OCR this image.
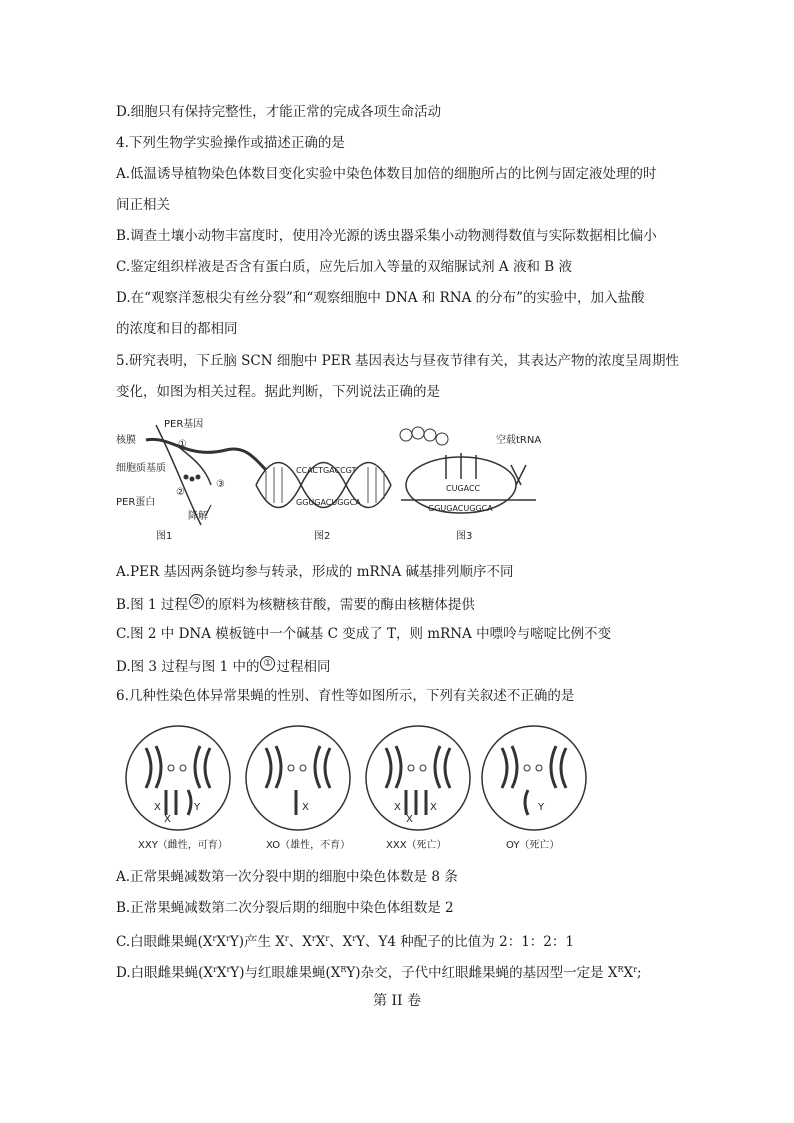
D.细胞只有保持完整性，才能正常的完成各项生命活动
4.下列生物学实验操作或描述正确的是
A.低温诱导植物染色体数目变化实验中染色体数目加倍的细胞所占的比例与固定液处理的时
间正相关
B.调查土壤小动物丰富度时，使用冷光源的诱虫器采集小动物测得数值与实际数据相比偏小
C.鉴定组织样液是否含有蛋白质，应先后加入等量的双缩脲试剂 A 液和 B 液
D.在“观察洋葱根尖有丝分裂”和“观察细胞中 DNA 和 RNA 的分布”的实验中，加入盐酸
的浓度和目的都相同
5.研究表明，下丘脑 SCN 细胞中 PER 基因表达与昼夜节律有关，其表达产物的浓度呈周期性
变化，如图为相关过程。据此判断，下列说法正确的是
PER基因
核膜
细胞质基质
PER蛋白
降解
①
②
③
图1
CCACTGACCGT
GGUGACUGGCA
图2
空载tRNA
CUGACC
GGUGACUGGCA
图3
A.PER 基因两条链均参与转录，形成的 mRNA 碱基排列顺序不同
B.图 1 过程 ② 的原料为核糖核苷酸，需要的酶由核糖体提供
C.图 2 中 DNA 模板链中一个碱基 C 变成了 T，则 mRNA 中嘌呤与嘧啶比例不变
D.图 3 过程与图 1 中的 ① 过程相同
6.几种性染色体异常果蝇的性别、育性等如图所示，下列有关叙述不正确的是
X
X
Y
XXY（雌性，可育）
X
XO（雄性，不育）
X
X
X
XXX（死亡）
Y
OY（死亡）
A.正常果蝇减数第一次分裂中期的细胞中染色体数是 8 条
B.正常果蝇减数第二次分裂后期的细胞中染色体组数是 2
C.白眼雌果蝇$(X^rX^rY)$产生 $X^r$、$X^rX^r$、$X^rY$、Y4 种配子的比值为 2：1：2：1
D.白眼雌果蝇$(X^rX^rY)$与红眼雄果蝇$(X^RY)$杂交，子代中红眼雌果蝇的基因型一定是 $X^RX^r$;
第 II 卷
